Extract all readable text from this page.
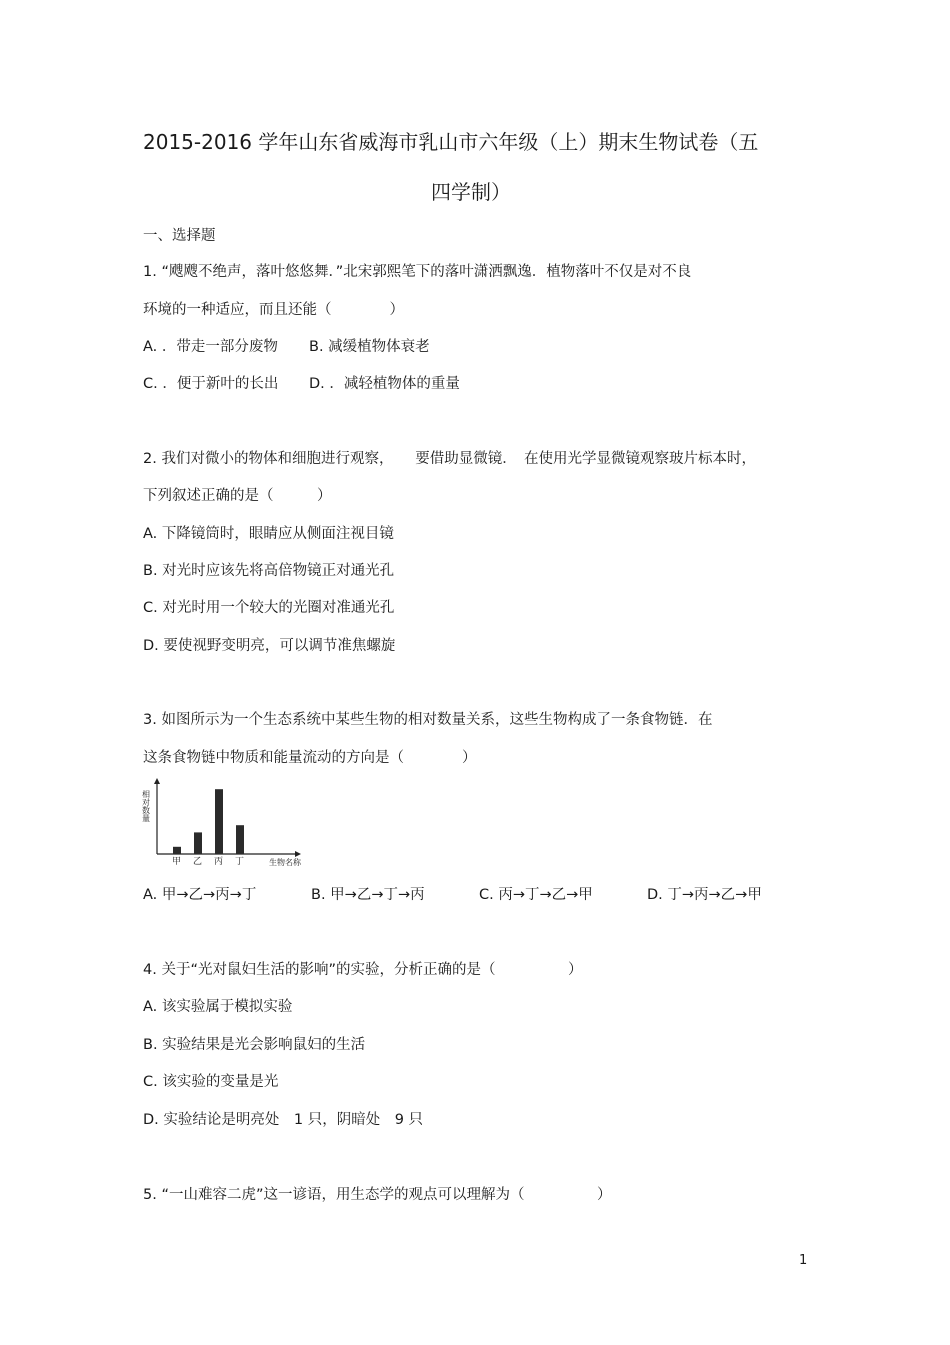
2015-2016 学年山东省威海市乳山市六年级（上）期末生物试卷（五
四学制）
一、选择题
1. “飕飕不绝声，落叶悠悠舞．”北宋郭熙笔下的落叶潇洒飘逸．植物落叶不仅是对不良
环境的一种适应，而且还能（　　　　）
A. ．带走一部分废物 B. 减缓植物体衰老
C. ．便于新叶的长出 D. ．减轻植物体的重量
2. 我们对微小的物体和细胞进行观察，　　要借助显微镜．　在使用光学显微镜观察玻片标本时，
下列叙述正确的是（　　　）
A. 下降镜筒时，眼睛应从侧面注视目镜
B. 对光时应该先将高倍物镜正对通光孔
C. 对光时用一个较大的光圈对准通光孔
D. 要使视野变明亮，可以调节准焦螺旋
3. 如图所示为一个生态系统中某些生物的相对数量关系，这些生物构成了一条食物链．在
这条食物链中物质和能量流动的方向是（　　　　）
相对数量
甲 乙 丙 丁	生物名称
A. 甲→乙→丙→丁	B. 甲→乙→丁→丙	C. 丙→丁→乙→甲	D. 丁→丙→乙→甲
4. 关于“光对鼠妇生活的影响”的实验，分析正确的是（　　　　　）
A. 该实验属于模拟实验
B. 实验结果是光会影响鼠妇的生活
C. 该实验的变量是光
D. 实验结论是明亮处　1 只，阴暗处　9 只
5. “一山难容二虎”这一谚语，用生态学的观点可以理解为（　　　　　）
1
